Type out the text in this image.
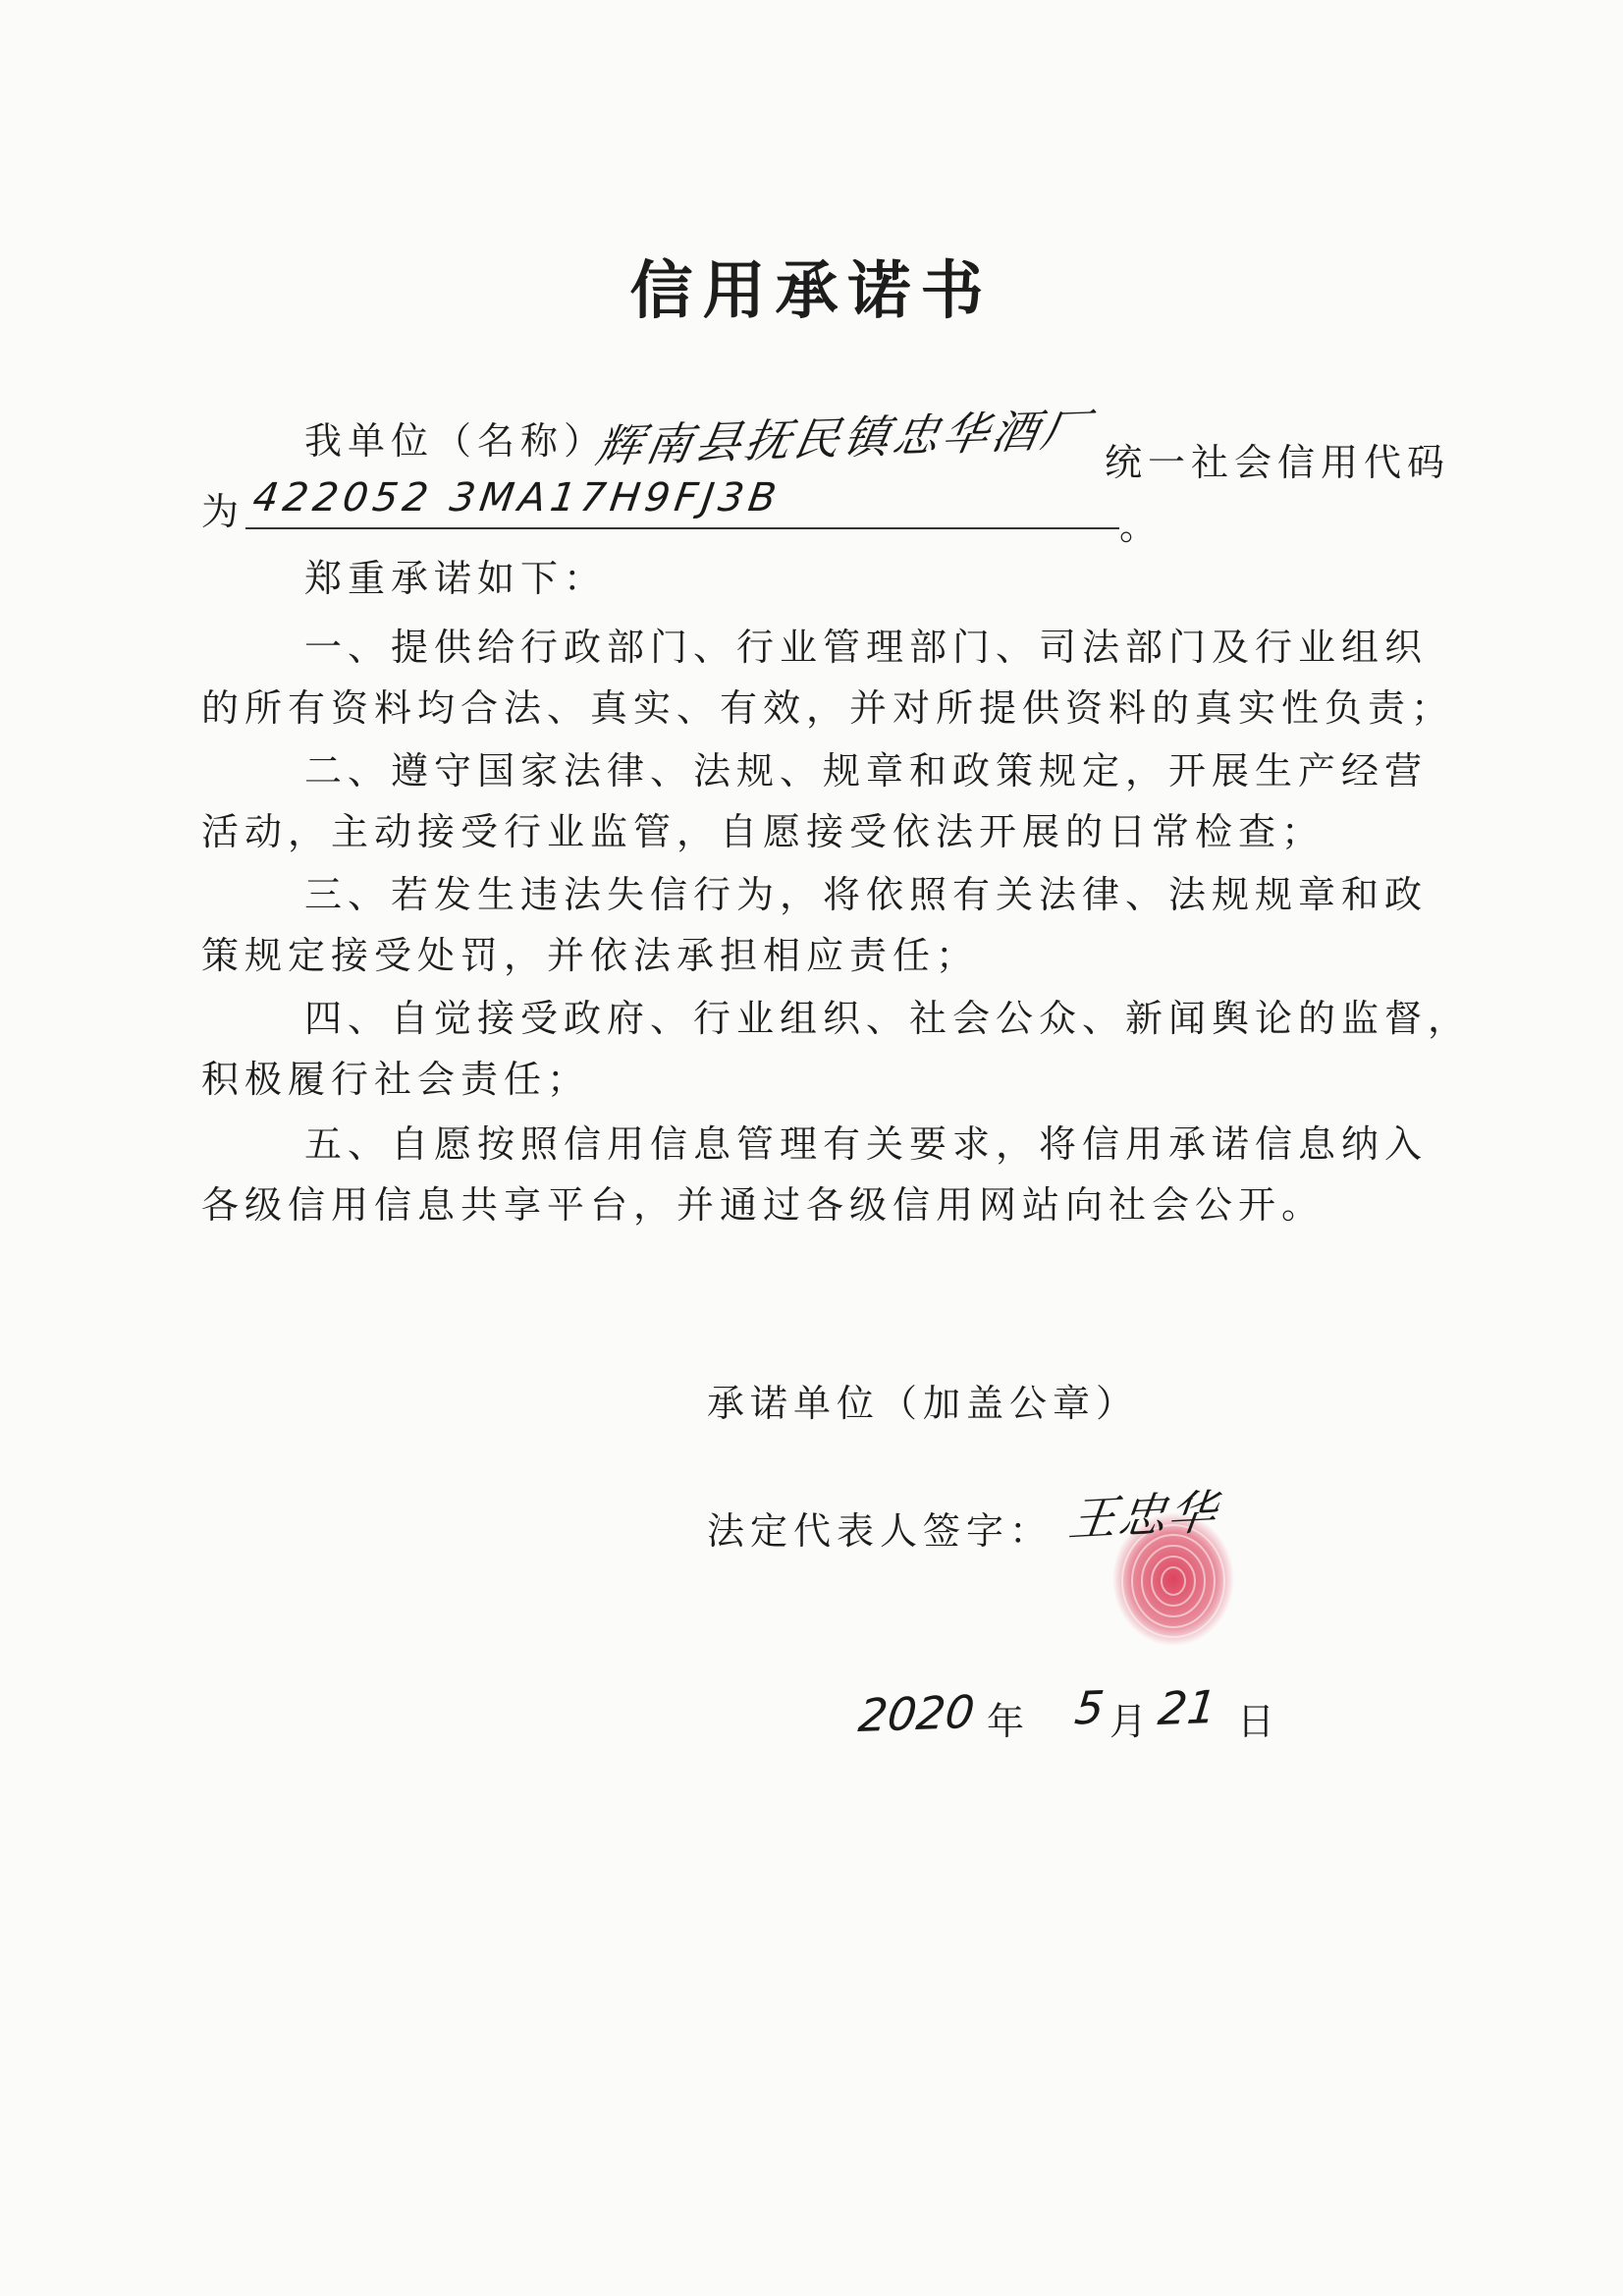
信用承诺书
我单位（名称）
辉南县抚民镇忠华酒厂 统一社会信用代码
为 422052 3MA17H9FJ3B
。
郑重承诺如下：
一、提供给行政部门、行业管理部门、司法部门及行业组织
的所有资料均合法、真实、有效，并对所提供资料的真实性负责；
二、遵守国家法律、法规、规章和政策规定，开展生产经营
活动，主动接受行业监管，自愿接受依法开展的日常检查；
三、若发生违法失信行为，将依照有关法律、法规规章和政
策规定接受处罚，并依法承担相应责任；
四、自觉接受政府、行业组织、社会公众、新闻舆论的监督，
积极履行社会责任；
五、自愿按照信用信息管理有关要求，将信用承诺信息纳入
各级信用信息共享平台，并通过各级信用网站向社会公开。
承诺单位（加盖公章）
法定代表人签字： 王忠华
2020 年 5 月 21 日
